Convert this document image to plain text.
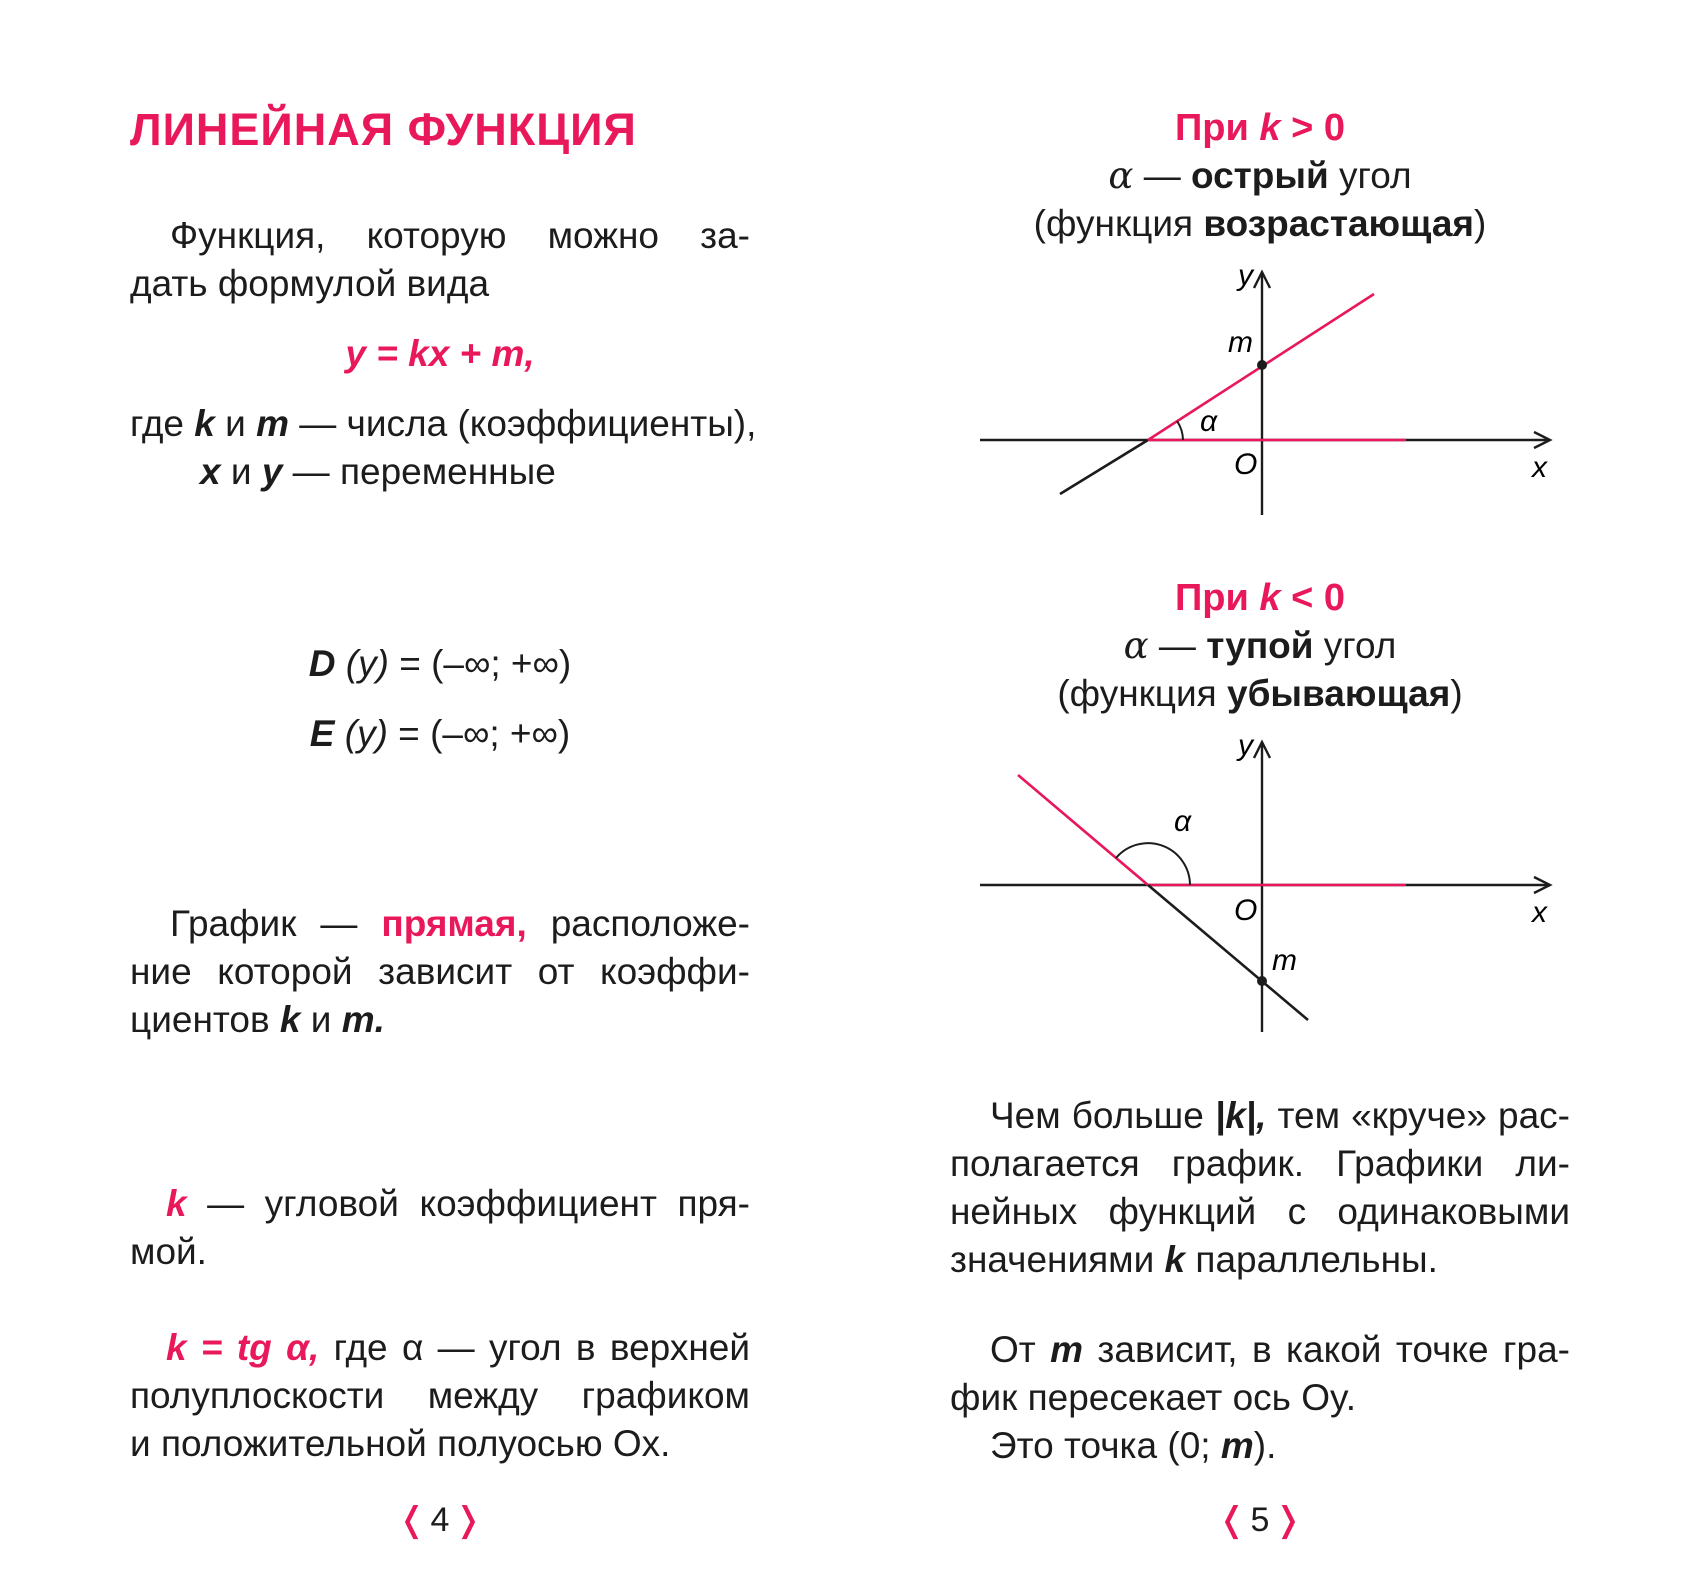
ЛИНЕЙНАЯ ФУНКЦИЯ
Функция, которую можно за-
дать формулой вида
y = kx + m,
где k и m — числа (коэффициенты),
x и y — переменные
D (y) = (–∞; +∞)
E (y) = (–∞; +∞)
График — прямая, расположе-
ние которой зависит от коэффи-
циентов k и m.
k — угловой коэффициент пря-
мой.
k = tg α, где α — угол в верхней
полуплоскости между графиком
и положительной полуосью Ox.
❬ 4 ❭
При k > 0
α — острый угол
(функция возрастающая)
y
x
O
m
α
При k < 0
α — тупой угол
(функция убывающая)
y
x
O
m
α
Чем больше |k|, тем «круче» рас-
полагается график. Графики ли-
нейных функций с одинаковыми
значениями k параллельны.
От m зависит, в какой точке гра-
фик пересекает ось Oy.
Это точка (0; m).
❬ 5 ❭
